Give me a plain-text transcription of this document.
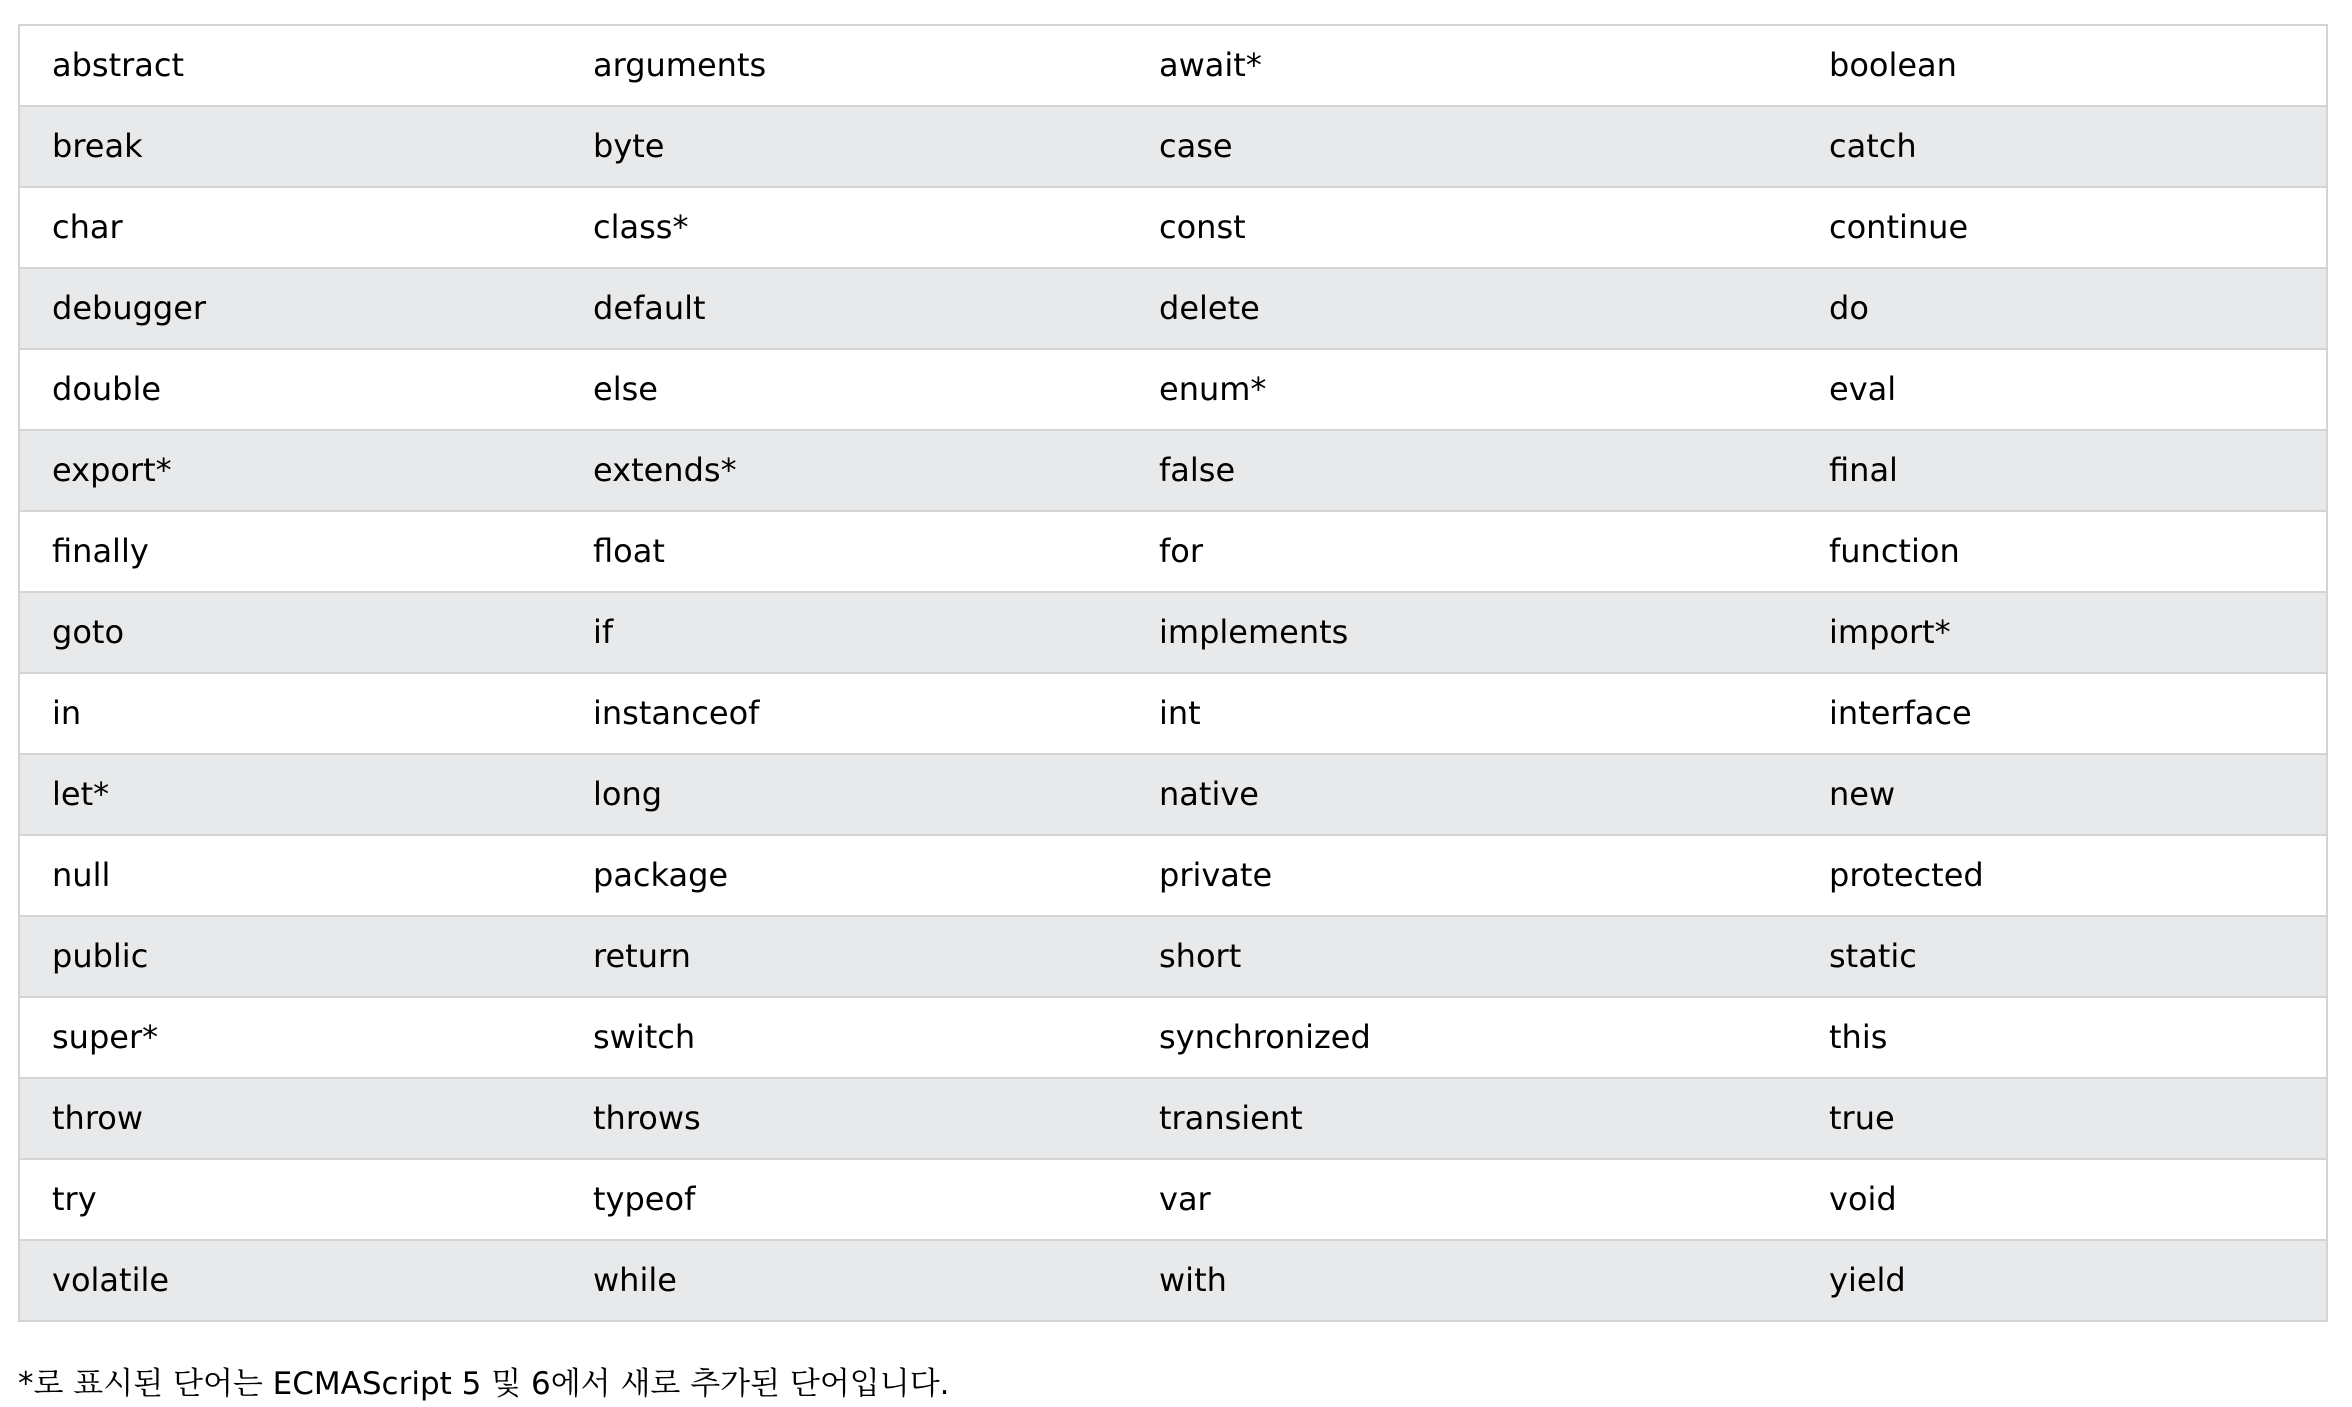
abstract	arguments	await*	boolean
break	byte	case	catch
char	class*	const	continue
debugger	default	delete	do
double	else	enum*	eval
export*	extends*	false	final
finally	float	for	function
goto	if	implements	import*
in	instanceof	int	interface
let*	long	native	new
null	package	private	protected
public	return	short	static
super*	switch	synchronized	this
throw	throws	transient	true
try	typeof	var	void
volatile	while	with	yield

*로 표시된 단어는 ECMAScript 5 및 6에서 새로 추가된 단어입니다.
